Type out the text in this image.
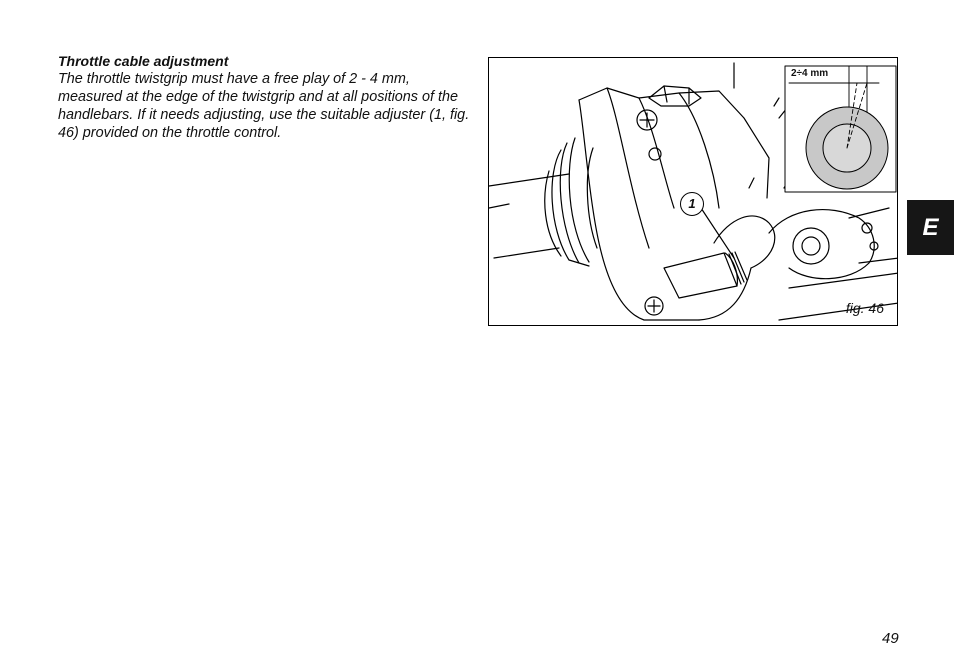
Throttle cable adjustment

The throttle twistgrip must have a free play of 2 - 4 mm, measured at the edge of the twistgrip and at all positions of the handlebars. If it needs adjusting, use the suitable adjuster (1, fig. 46) provided on the throttle control.

1
2÷4 mm
fig. 46
E
49
